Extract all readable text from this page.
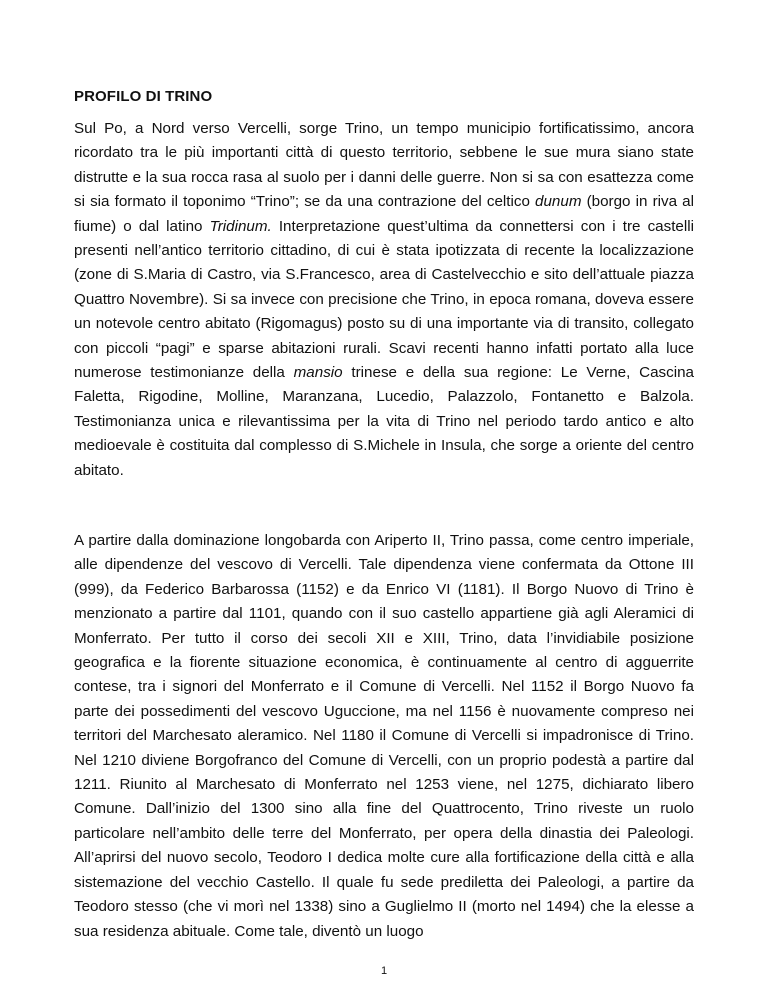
PROFILO DI TRINO

Sul Po, a Nord verso Vercelli, sorge Trino, un tempo municipio fortificatissimo, ancora ricordato tra le più importanti città di questo territorio, sebbene le sue mura siano state distrutte e la sua rocca rasa al suolo per i danni delle guerre. Non si sa con esattezza come si sia formato il toponimo “Trino”; se da una contrazione del celtico dunum (borgo in riva al fiume) o dal latino Tridinum. Interpretazione quest’ultima da connettersi con i tre castelli presenti nell’antico territorio cittadino, di cui è stata ipotizzata di recente la localizzazione (zone di S.Maria di Castro, via S.Francesco, area di Castelvecchio e sito dell’attuale piazza Quattro Novembre). Si sa invece con precisione che Trino, in epoca romana, doveva essere un notevole centro abitato (Rigomagus) posto su di una importante via di transito, collegato con piccoli “pagi” e sparse abitazioni rurali. Scavi recenti hanno infatti portato alla luce numerose testimonianze della mansio trinese e della sua regione: Le Verne, Cascina Faletta, Rigodine, Molline, Maranzana, Lucedio, Palazzolo, Fontanetto e Balzola. Testimonianza unica e rilevantissima per la vita di Trino nel periodo tardo antico e alto medioevale è costituita dal complesso di S.Michele in Insula, che sorge a oriente del centro abitato.

A partire dalla dominazione longobarda con Ariperto II, Trino passa, come centro imperiale, alle dipendenze del vescovo di Vercelli. Tale dipendenza viene confermata da Ottone III (999), da Federico Barbarossa (1152) e da Enrico VI (1181). Il Borgo Nuovo di Trino è menzionato a partire dal 1101, quando con il suo castello appartiene già agli Aleramici di Monferrato. Per tutto il corso dei secoli XII e XIII, Trino, data l’invidiabile posizione geografica e la fiorente situazione economica, è continuamente al centro di agguerrite contese, tra i signori del Monferrato e il Comune di Vercelli. Nel 1152 il Borgo Nuovo fa parte dei possedimenti del vescovo Uguccione, ma nel 1156 è nuovamente compreso nei territori del Marchesato aleramico. Nel 1180 il Comune di Vercelli si impadronisce di Trino. Nel 1210 diviene Borgofranco del Comune di Vercelli, con un proprio podestà a partire dal 1211. Riunito al Marchesato di Monferrato nel 1253 viene, nel 1275, dichiarato libero Comune. Dall’inizio del 1300 sino alla fine del Quattrocento, Trino riveste un ruolo particolare nell’ambito delle terre del Monferrato, per opera della dinastia dei Paleologi. All’aprirsi del nuovo secolo, Teodoro I dedica molte cure alla fortificazione della città e alla sistemazione del vecchio Castello. Il quale fu sede prediletta dei Paleologi, a partire da Teodoro stesso (che vi morì nel 1338) sino a Guglielmo II (morto nel 1494) che la elesse a sua residenza abituale. Come tale, diventò un luogo

1
